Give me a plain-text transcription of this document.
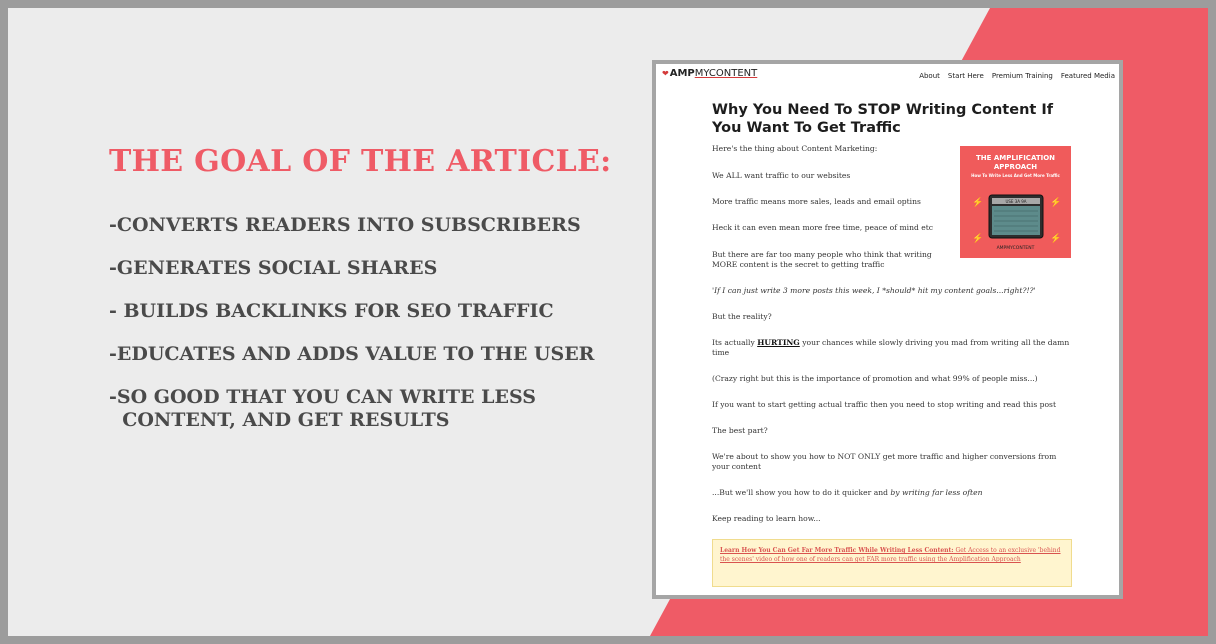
THE GOAL OF THE ARTICLE:
-CONVERTS READERS INTO SUBSCRIBERS
-GENERATES SOCIAL SHARES
- BUILDS BACKLINKS FOR SEO TRAFFIC
-EDUCATES AND ADDS VALUE TO THE USER
-SO GOOD THAT YOU CAN WRITE LESS
CONTENT, AND GET RESULTS
❤ AMP MYCONTENT	About Start Here Premium Training Featured Media
Why You Need To STOP Writing Content If You Want To Get Traffic

Here's the thing about Content Marketing:

We ALL want traffic to our websites

More traffic means more sales, leads and email optins

Heck it can even mean more free time, peace of mind etc

But there are far too many people who think that writing MORE content is the secret to getting traffic

'If I can just write 3 more posts this week, I *should* hit my content goals...right?!?'

But the reality?

Its actually HURTING your chances while slowly driving you mad from writing all the damn time

(Crazy right but this is the importance of promotion and what 99% of people miss...)

If you want to start getting actual traffic then you need to stop writing and read this post

The best part?

We're about to show you how to NOT ONLY get more traffic and higher conversions from your content

...But we'll show you how to do it quicker and by writing far less often

Keep reading to learn how...

THE AMPLIFICATION APPROACH
How To Write Less And Get More Traffic
⚡	⚡
⚡	⚡
USE 3A 9A
AMPMYCONTENT
Learn How You Can Get Far More Traffic While Writing Less Content: Get Access to an exclusive 'behind the scenes' video of how one of readers can get FAR more traffic using the Amplification Approach
